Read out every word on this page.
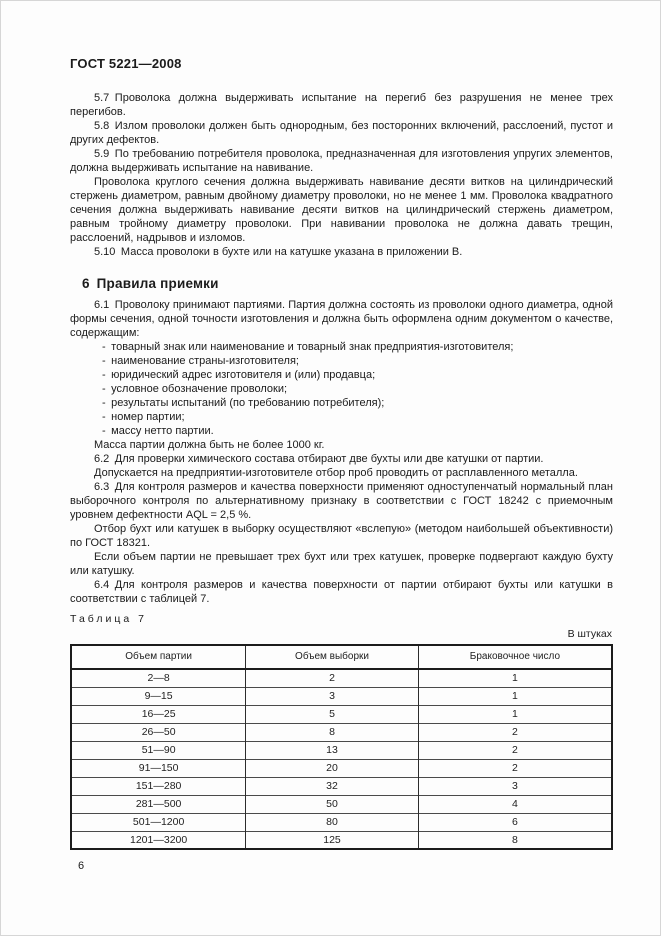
ГОСТ 5221—2008

5.7 Проволока должна выдерживать испытание на перегиб без разрушения не менее трех перегибов.

5.8 Излом проволоки должен быть однородным, без посторонних включений, расслоений, пустот и других дефектов.

5.9 По требованию потребителя проволока, предназначенная для изготовления упругих элементов, должна выдерживать испытание на навивание.

Проволока круглого сечения должна выдерживать навивание десяти витков на цилиндрический стержень диаметром, равным двойному диаметру проволоки, но не менее 1 мм. Проволока квадратного сечения должна выдерживать навивание десяти витков на цилиндрический стержень диаметром, равным тройному диаметру проволоки. При навивании проволока не должна давать трещин, расслоений, надрывов и изломов.

5.10 Масса проволоки в бухте или на катушке указана в приложении В.

6 Правила приемки

6.1 Проволоку принимают партиями. Партия должна состоять из проволоки одного диаметра, одной формы сечения, одной точности изготовления и должна быть оформлена одним документом о качестве, содержащим:

- товарный знак или наименование и товарный знак предприятия-изготовителя;
- наименование страны-изготовителя;
- юридический адрес изготовителя и (или) продавца;
- условное обозначение проволоки;
- результаты испытаний (по требованию потребителя);
- номер партии;
- массу нетто партии.

Масса партии должна быть не более 1000 кг.

6.2 Для проверки химического состава отбирают две бухты или две катушки от партии.

Допускается на предприятии-изготовителе отбор проб проводить от расплавленного металла.

6.3 Для контроля размеров и качества поверхности применяют одноступенчатый нормальный план выборочного контроля по альтернативному признаку в соответствии с ГОСТ 18242 с приемочным уровнем дефектности AQL = 2,5 %.

Отбор бухт или катушек в выборку осуществляют «вслепую» (методом наибольшей объективности) по ГОСТ 18321.

Если объем партии не превышает трех бухт или трех катушек, проверке подвергают каждую бухту или катушку.

6.4 Для контроля размеров и качества поверхности от партии отбирают бухты или катушки в соответствии с таблицей 7.

Таблица 7
В штуках
Объем партии	Объем выборки	Браковочное число
2—8	2	1
9—15	3	1
16—25	5	1
26—50	8	2
51—90	13	2
91—150	20	2
151—280	32	3
281—500	50	4
501—1200	80	6
1201—3200	125	8
6
